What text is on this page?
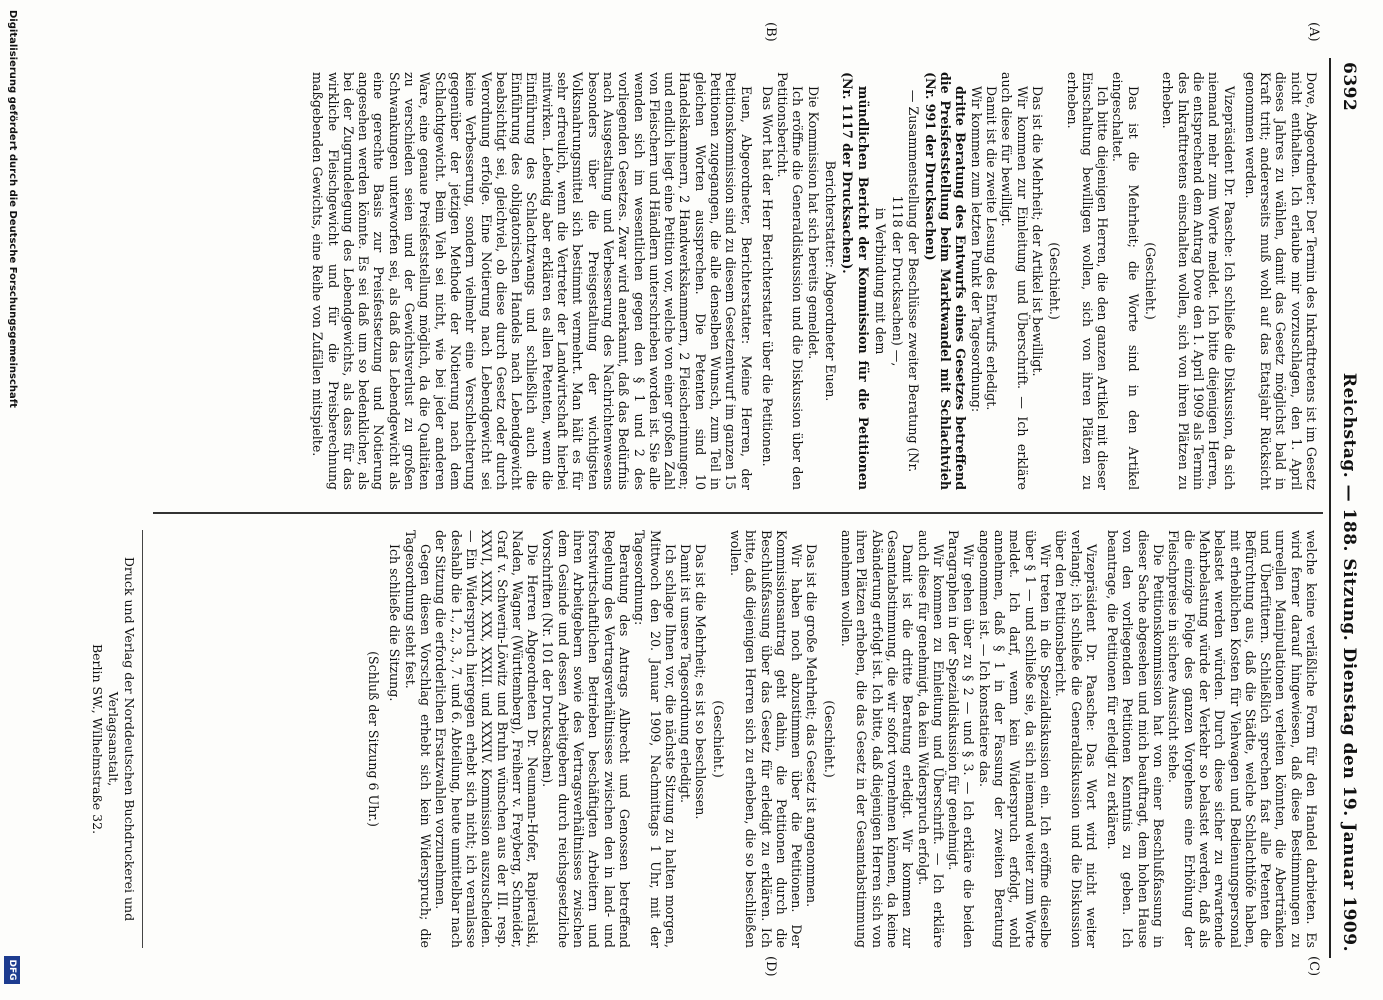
6392
Reichstag. — 188. Sitzung.
Dienstag den 19. Januar 1909.
(A)
(B)
(C)
(D)

Dove, Abgeordneter: Der Termin des Inkrafttretens ist im Gesetz nicht enthalten. Ich erlaube mir vorzuschlagen, den 1. April dieses Jahres zu wählen, damit das Gesetz möglichst bald in Kraft tritt; andererseits muß wohl auf das Etatsjahr Rücksicht genommen werden.

Vizepräsident Dr. Paasche: Ich schließe die Diskussion, da sich niemand mehr zum Worte meldet. Ich bitte diejenigen Herren, die entsprechend dem Antrag Dove den 1. April 1909 als Termin des Inkrafttretens einschalten wollen, sich von ihren Plätzen zu erheben.

(Geschieht.)

Das ist die Mehrheit; die Worte sind in den Artikel eingeschaltet.

Ich bitte diejenigen Herren, die den ganzen Artikel mit dieser Einschaltung bewilligen wollen, sich von ihren Plätzen zu erheben.

(Geschieht.)

Das ist die Mehrheit; der Artikel ist bewilligt.

Wir kommen zur Einleitung und Überschrift. — Ich erkläre auch diese für bewilligt.

Damit ist die zweite Lesung des Entwurfs erledigt.

Wir kommen zum letzten Punkt der Tagesordnung:

dritte Beratung des Entwurfs eines Gesetzes betreffend die Preisfeststellung beim Marktwandel mit Schlachtvieh (Nr. 991 der Drucksachen)

— Zusammenstellung der Beschlüsse zweiter Beratung (Nr. 1118 der Drucksachen) —,

in Verbindung mit dem

mündlichen Bericht der Kommission für die Petitionen (Nr. 1117 der Drucksachen).

Berichterstatter: Abgeordneter Euen.

Die Kommission hat sich bereits gemeldet.

Ich eröffne die Generaldiskussion und die Diskussion über den Petitionsbericht.

Das Wort hat der Herr Berichterstatter über die Petitionen.

Euen, Abgeordneter, Berichterstatter: Meine Herren, der Petitionskommission sind zu diesem Gesetzentwurf im ganzen 15 Petitionen zugegangen, die alle denselben Wunsch, zum Teil in gleichen Worten aussprechen. Die Petenten sind 10 Handelskammern, 2 Handwerkskammern, 2 Fleischerinnungen; und endlich liegt eine Petition vor, welche von einer großen Zahl von Fleischern und Händlern unterschrieben worden ist. Sie alle wenden sich im wesentlichen gegen den § 1 und 2 des vorliegenden Gesetzes. Zwar wird anerkannt, daß das Bedürfnis nach Ausgestaltung und Verbesserung des Nachrichtenwesens besonders über die Preisgestaltung der wichtigsten Volksnahrungsmittel sich bestimmt vermehrt. Man hält es für sehr erfreulich, wenn die Vertreter der Landwirtschaft hierbei mitwirken. Lebendig aber erklären es allen Petenten, wenn die Einführung des Schlachtzwangs und schließlich auch die Einführung des obligatorischen Handels nach Lebendgewicht beabsichtigt sei, gleichviel, ob diese durch Gesetz oder durch Verordnung erfolge. Eine Notierung nach Lebendgewicht sei keine Verbesserung, sondern vielmehr eine Verschlechterung gegenüber der jetzigen Methode der Notierung nach dem Schlachtgewicht. Beim Vieh sei nicht, wie bei jeder anderen Ware, eine genaue Preisfeststellung möglich, da die Qualitäten zu verschieden seien und der Gewichtsverlust zu großen Schwankungen unterworfen sei, als daß das Lebendgewicht als eine gerechte Basis zur Preisfestsetzung und Notierung angesehen werden könnte. Es sei daß um so bedenklicher, als bei der Zugrundelegung des Lebendgewichts, als dass für das wirkliche Fleischgewicht und für die Preisberechnung maßgebenden Gewichts, eine Reihe von Zufällen mitspielte.

welche keine verläßliche Form für den Handel darbieten. Es wird ferner darauf hingewiesen, daß diese Bestimmungen zu unreellen Manipulationen verleiten könnten, die Abertränken und Überfüttern. Schließlich sprechen fast alle Petenten die Befürchtung aus, daß die Städte, welche Schlachthöfe haben, mit erheblichen Kosten für Viehwagen und Bedienungspersonal belastet werden würden. Durch diese sicher zu erwartende Mehrbelastung würde der Verkehr so belastet werden, daß als die einzige Folge des ganzen Vorgehens eine Erhöhung der Fleischpreise in sichere Aussicht stehe.

Die Petitionskommission hat von einer Beschlußfassung in dieser Sache abgesehen und mich beauftragt, dem hohen Hause von den vorliegenden Petitionen Kenntnis zu geben. Ich beantrage, die Petitionen für erledigt zu erklären.

Vizepräsident Dr. Paasche: Das Wort wird nicht weiter verlangt; ich schließe die Generaldiskussion und die Diskussion über den Petitionsbericht.

Wir treten in die Spezialdiskussion ein. Ich eröffne dieselbe über § 1 — und schließe sie, da sich niemand weiter zum Worte meldet. Ich darf, wenn kein Widerspruch erfolgt, wohl annehmen, daß § 1 in der Fassung der zweiten Beratung angenommen ist. — Ich konstatiere das.

Wir gehen über zu § 2 — und § 3. — Ich erkläre die beiden Paragraphen in der Spezialdiskussion für genehmigt.

Wir kommen zu Einleitung und Überschrift. — Ich erkläre auch diese für genehmigt, da kein Widerspruch erfolgt.

Damit ist die dritte Beratung erledigt. Wir kommen zur Gesamtabstimmung, die wir sofort vornehmen können, da keine Abänderung erfolgt ist. Ich bitte, daß diejenigen Herren sich von ihren Plätzen erheben, die das Gesetz in der Gesamtabstimmung annehmen wollen.

(Geschieht.)

Das ist die große Mehrheit; das Gesetz ist angenommen.

Wir haben noch abzustimmen über die Petitionen. Der Kommissionsantrag geht dahin, die Petitionen durch die Beschlußfassung über das Gesetz für erledigt zu erklären. Ich bitte, daß diejenigen Herren sich zu erheben, die so beschließen wollen.

(Geschieht.)

Das ist die Mehrheit; es ist so beschlossen.

Damit ist unsere Tagesordnung erledigt.

Ich schlage Ihnen vor, die nächste Sitzung zu halten morgen, Mittwoch den 20. Januar 1909, Nachmittags 1 Uhr, mit der Tagesordnung:

Beratung des Antrags Albrecht und Genossen betreffend Regelung des Vertragsverhältnisses zwischen den in land- und forstwirtschaftlichen Betrieben beschäftigten Arbeitern und ihren Arbeitgebern sowie des Vertragsverhältnisses zwischen dem Gesinde und dessen Arbeitgebern durch reichsgesetzliche Vorschriften (Nr. 101 der Drucksachen).

Die Herren Abgeordneten Dr. Neumann-Hofer, Rapieralski, Naden, Wagner (Württemberg), Freiherr v. Freyberg, Schneider, Graf v. Schwerin-Löwitz und Bruhn wünschen aus der III. resp. XXVI, XXIX, XXX, XXXII. und XXXIV. Kommission auszuscheiden. — Ein Widerspruch hiergegen erhebt sich nicht; ich veranlasse deshalb die 1., 2., 3., 7. und 6. Abteilung, heute unmittelbar nach der Sitzung die erforderlichen Ersatzwahlen vorzunehmen.

Gegen diesen Vorschlag erhebt sich kein Widerspruch; die Tagesordnung steht fest.

Ich schließe die Sitzung.

(Schluß der Sitzung 6 Uhr.)

Druck und Verlag der Norddeutschen Buchdruckerei und Verlagsanstalt,
Berlin SW., Wilhelmstraße 32.
Digitalisierung gefördert durch die Deutsche Forschungsgemeinschaft
DFG
